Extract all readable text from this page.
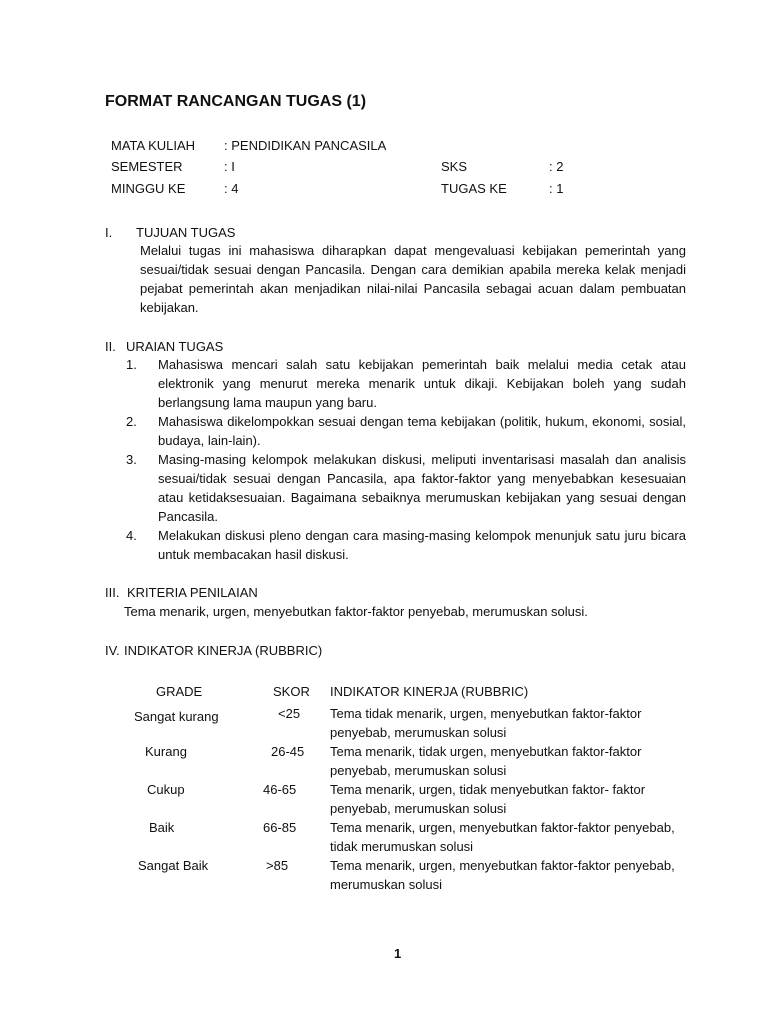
FORMAT RANCANGAN TUGAS (1)
MATA KULIAH : PENDIDIKAN PANCASILA
SEMESTER	: I	SKS	: 2
MINGGU KE	: 4	TUGAS KE	: 1
I. TUJUAN TUGAS

Melalui tugas ini mahasiswa diharapkan dapat mengevaluasi kebijakan pemerintah yang sesuai/tidak sesuai dengan Pancasila. Dengan cara demikian apabila mereka kelak menjadi pejabat pemerintah akan menjadikan nilai-nilai Pancasila sebagai acuan dalam pembuatan kebijakan.

II. URAIAN TUGAS
1. Mahasiswa mencari salah satu kebijakan pemerintah baik melalui media cetak atau elektronik yang menurut mereka menarik untuk dikaji. Kebijakan boleh yang sudah berlangsung lama maupun yang baru.
2. Mahasiswa dikelompokkan sesuai dengan tema kebijakan (politik, hukum, ekonomi, sosial, budaya, lain-lain).
3. Masing-masing kelompok melakukan diskusi, meliputi inventarisasi masalah dan analisis sesuai/tidak sesuai dengan Pancasila, apa faktor-faktor yang menyebabkan kesesuaian atau ketidaksesuaian. Bagaimana sebaiknya merumuskan kebijakan yang sesuai dengan Pancasila.
4. Melakukan diskusi pleno dengan cara masing-masing kelompok menunjuk satu juru bicara untuk membacakan hasil diskusi.
III. KRITERIA PENILAIAN
Tema menarik, urgen, menyebutkan faktor-faktor penyebab, merumuskan solusi.
IV. INDIKATOR KINERJA (RUBBRIC)
GRADE	SKOR INDIKATOR KINERJA (RUBBRIC)
Sangat kurang	<25 Tema tidak menarik, urgen, menyebutkan faktor-faktor penyebab, merumuskan solusi
Kurang	26-45 Tema menarik, tidak urgen, menyebutkan faktor-faktor penyebab, merumuskan solusi
Cukup	46-65	Tema menarik, urgen, tidak menyebutkan faktor- faktor penyebab, merumuskan solusi
Baik	66-85	Tema menarik, urgen, menyebutkan faktor-faktor penyebab, tidak merumuskan solusi
Sangat Baik	>85	Tema menarik, urgen, menyebutkan faktor-faktor penyebab, merumuskan solusi
1
